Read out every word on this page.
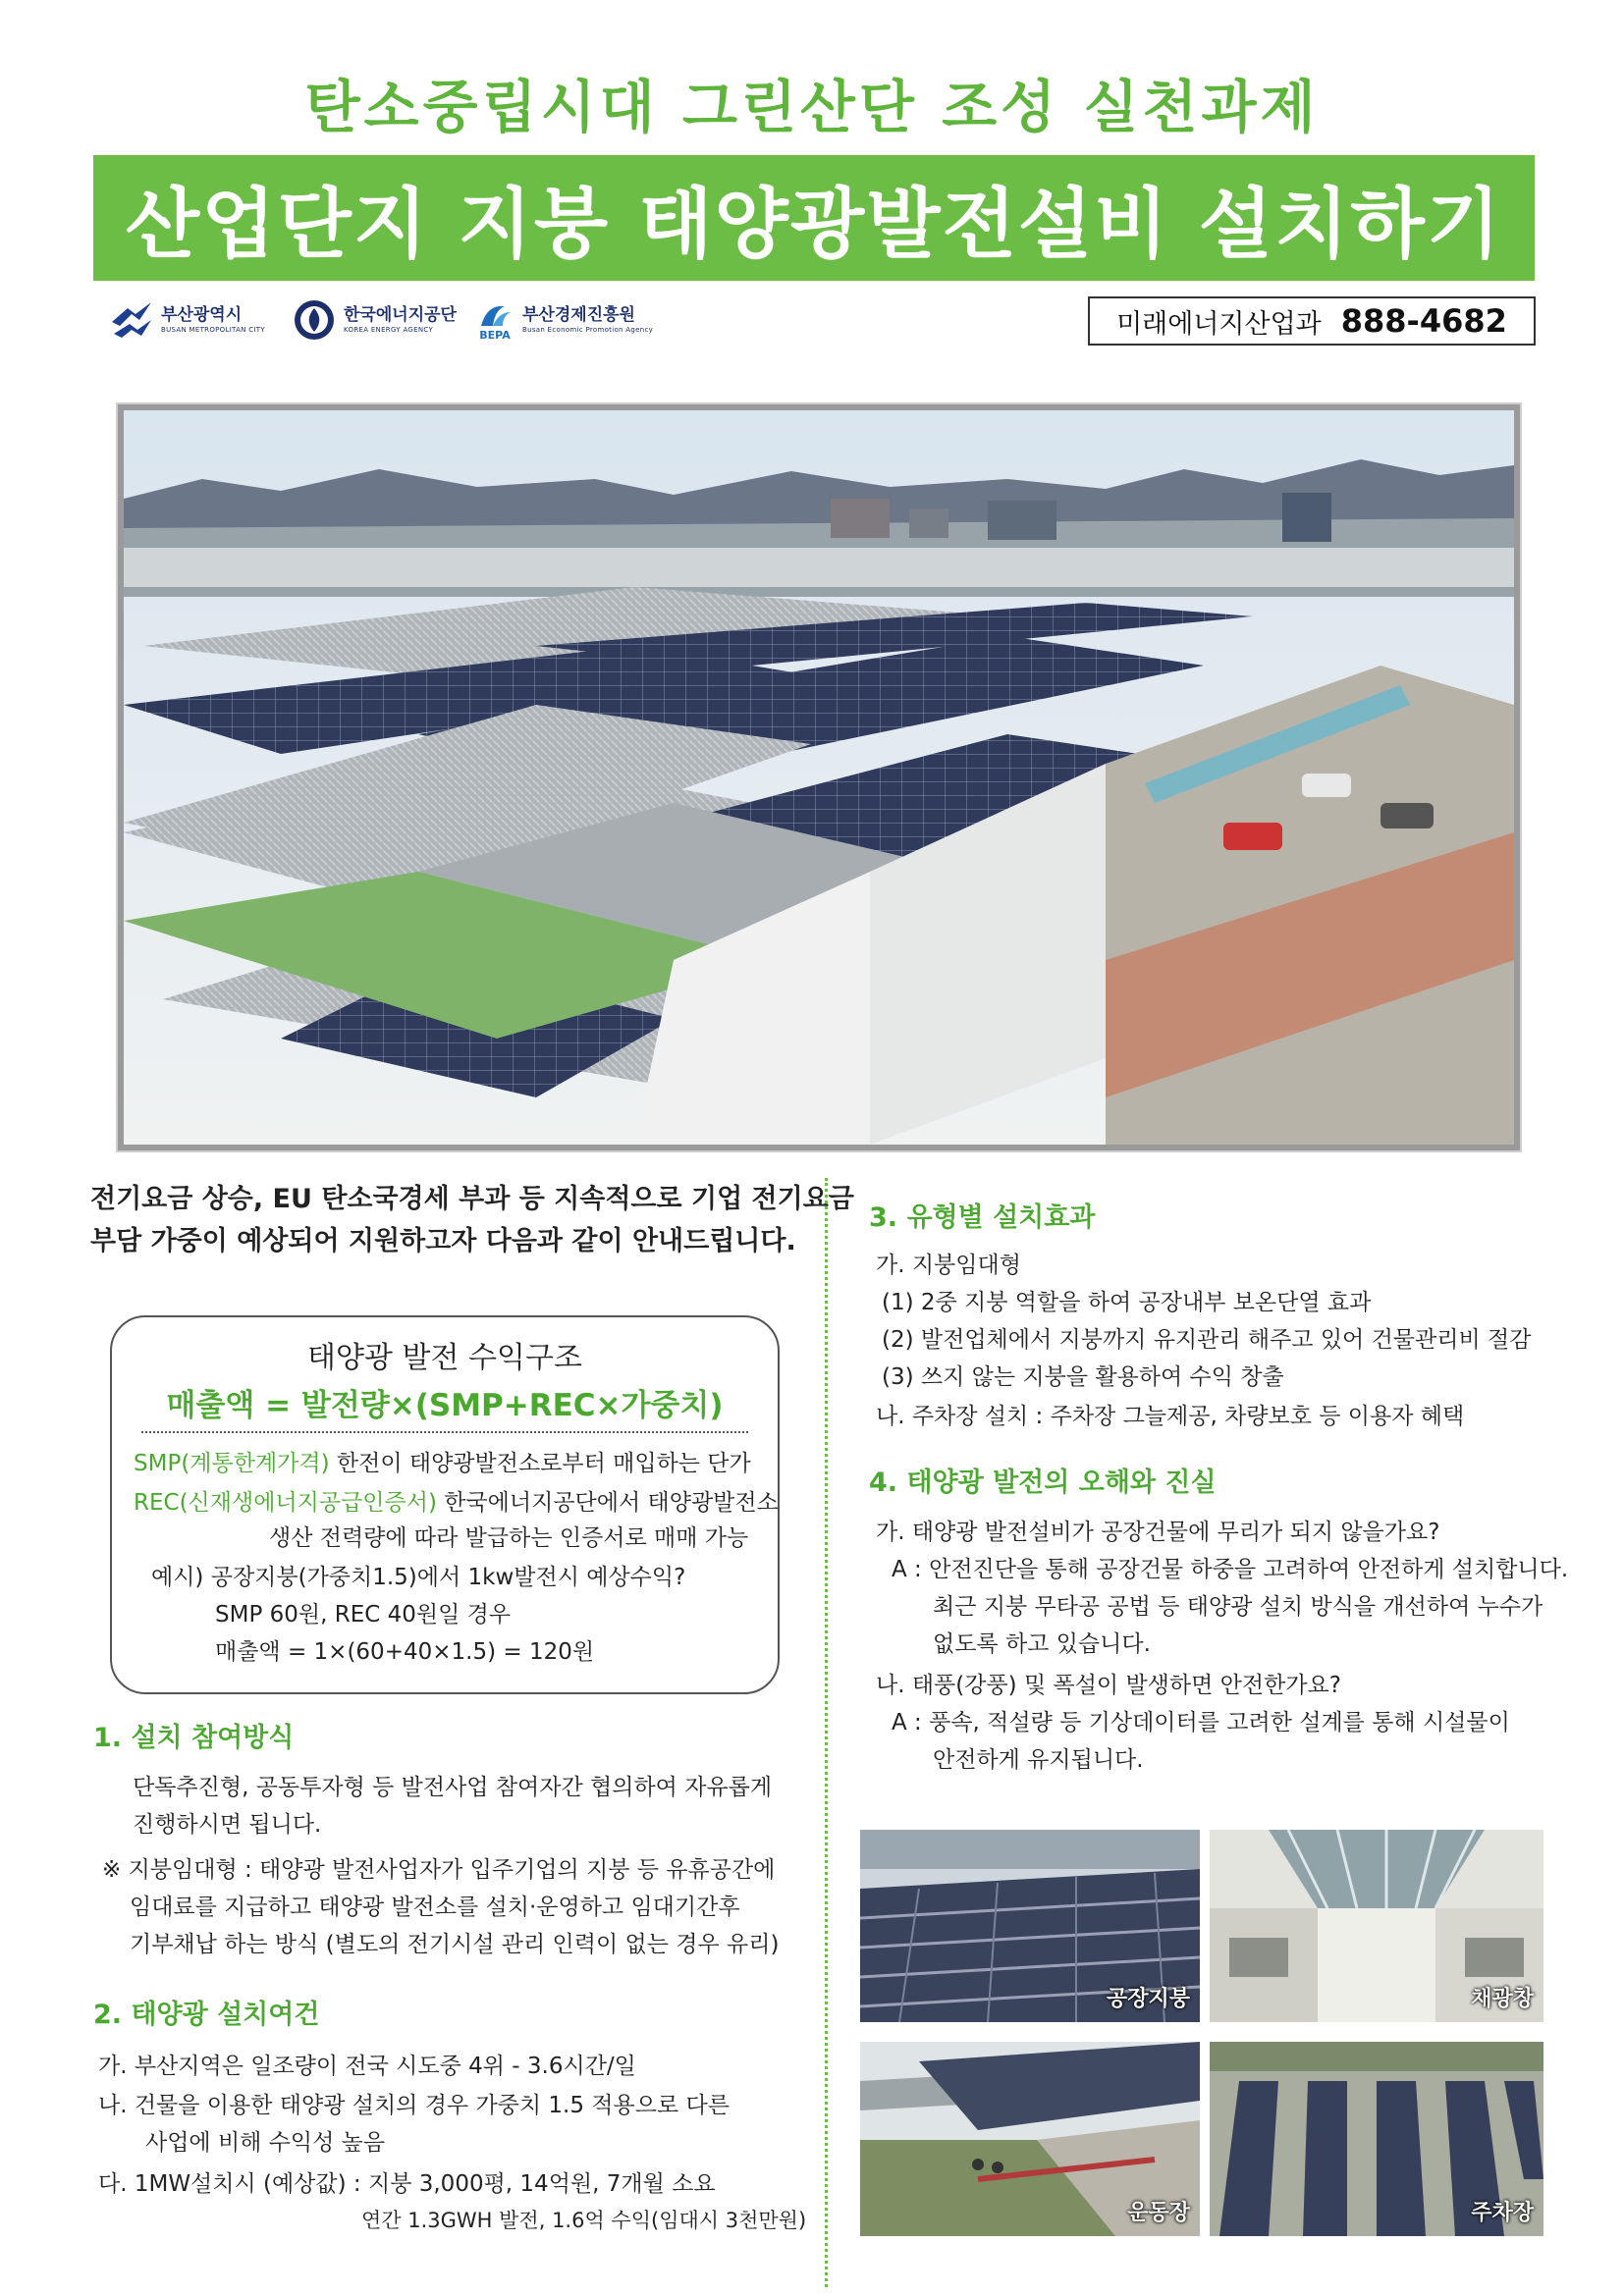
탄소중립시대 그린산단 조성 실천과제
산업단지 지붕 태양광발전설비 설치하기
부산광역시
BUSAN METROPOLITAN CITY
한국에너지공단
KOREA ENERGY AGENCY	BEPA
부산경제진흥원
Busan Economic Promotion Agency	미래에너지산업과 888-4682
전기요금 상승, EU 탄소국경세 부과 등 지속적으로 기업 전기요금
부담 가중이 예상되어 지원하고자 다음과 같이 안내드립니다.
태양광 발전 수익구조
매출액 = 발전량×(SMP+REC×가중치)
SMP(계통한계가격) 한전이 태양광발전소로부터 매입하는 단가
REC(신재생에너지공급인증서) 한국에너지공단에서 태양광발전소
생산 전력량에 따라 발급하는 인증서로 매매 가능
예시) 공장지붕(가중치1.5)에서 1kw발전시 예상수익?
SMP 60원, REC 40원일 경우
매출액 = 1×(60+40×1.5) = 120원
1. 설치 참여방식
단독추진형, 공동투자형 등 발전사업 참여자간 협의하여 자유롭게
진행하시면 됩니다.
※ 지붕임대형 : 태양광 발전사업자가 입주기업의 지붕 등 유휴공간에
임대료를 지급하고 태양광 발전소를 설치·운영하고 임대기간후
기부채납 하는 방식 (별도의 전기시설 관리 인력이 없는 경우 유리)
2. 태양광 설치여건
가. 부산지역은 일조량이 전국 시도중 4위 - 3.6시간/일
나. 건물을 이용한 태양광 설치의 경우 가중치 1.5 적용으로 다른
사업에 비해 수익성 높음
다. 1MW설치시 (예상값) : 지붕 3,000평, 14억원, 7개월 소요
연간 1.3GWH 발전, 1.6억 수익(임대시 3천만원)
3. 유형별 설치효과
가. 지붕임대형
(1) 2중 지붕 역할을 하여 공장내부 보온단열 효과
(2) 발전업체에서 지붕까지 유지관리 해주고 있어 건물관리비 절감
(3) 쓰지 않는 지붕을 활용하여 수익 창출
나. 주차장 설치 : 주차장 그늘제공, 차량보호 등 이용자 혜택
4. 태양광 발전의 오해와 진실
가. 태양광 발전설비가 공장건물에 무리가 되지 않을가요?
A : 안전진단을 통해 공장건물 하중을 고려하여 안전하게 설치합니다.
최근 지붕 무타공 공법 등 태양광 설치 방식을 개선하여 누수가
없도록 하고 있습니다.
나. 태풍(강풍) 및 폭설이 발생하면 안전한가요?
A : 풍속, 적설량 등 기상데이터를 고려한 설계를 통해 시설물이
안전하게 유지됩니다.
공장지붕	채광창
운동장	주차장
